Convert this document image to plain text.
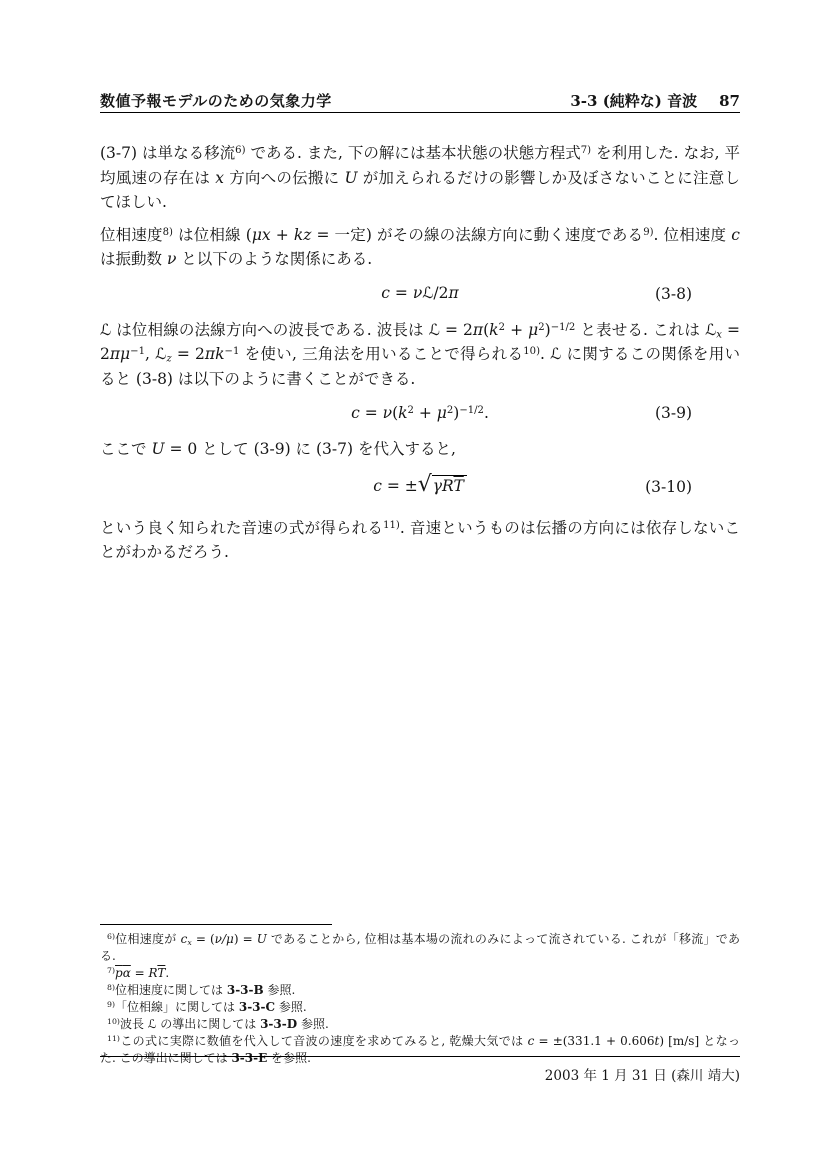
数値予報モデルのための気象力学	3-3 (純粋な) 音波 87

(3-7) は単なる移流$^{6)}$ である. また, 下の解には基本状態の状態方程式$^{7)}$ を利用した. なお, 平均風速の存在は x 方向への伝搬に U が加えられるだけの影響しか及ぼさないことに注意してほしい.

位相速度$^{8)}$ は位相線 (μx + kz = 一定) がその線の法線方向に動く速度である$^{9)}$. 位相速度 c は振動数 ν と以下のような関係にある.

c = νℒ/2π	(3-8)

ℒ は位相線の法線方向への波長である. 波長は ℒ = $2\pi(k^2 + \mu^2)^{-1/2}$ と表せる. これは ℒx = $2\pi\mu^{-1}$, ℒz = $2\pi k^{-1}$ を使い, 三角法を用いることで得られる$^{10)}$. ℒ に関するこの関係を用いると (3-8) は以下のように書くことができる.

$c = \nu(k^2 + \mu^2)^{-1/2}$.	(3-9)

ここで U = 0 として (3-9) に (3-7) を代入すると,

$c = \pm√\gamma R\overline{T}$	(3-10)

という良く知られた音速の式が得られる$^{11)}$. 音速というものは伝播の方向には依存しないことがわかるだろう.

$^{6)}$位相速度が cx = (ν/μ) = U であることから, 位相は基本場の流れのみによって流されている. これが「移流」である.
$^{7)}\overline{p}\overline{\alpha} = R\overline{T}$.
$^{8)}$位相速度に関しては 3-3-B 参照.
$^{9)}$「位相線」に関しては 3-3-C 参照.
$^{10)}$波長 ℒ の導出に関しては 3-3-D 参照.
$^{11)}$この式に実際に数値を代入して音波の速度を求めてみると, 乾燥大気では c = ±(331.1 + 0.606t) [m/s] となった. この導出に関しては 3-3-E を参照.
2003 年 1 月 31 日 (森川 靖大)
